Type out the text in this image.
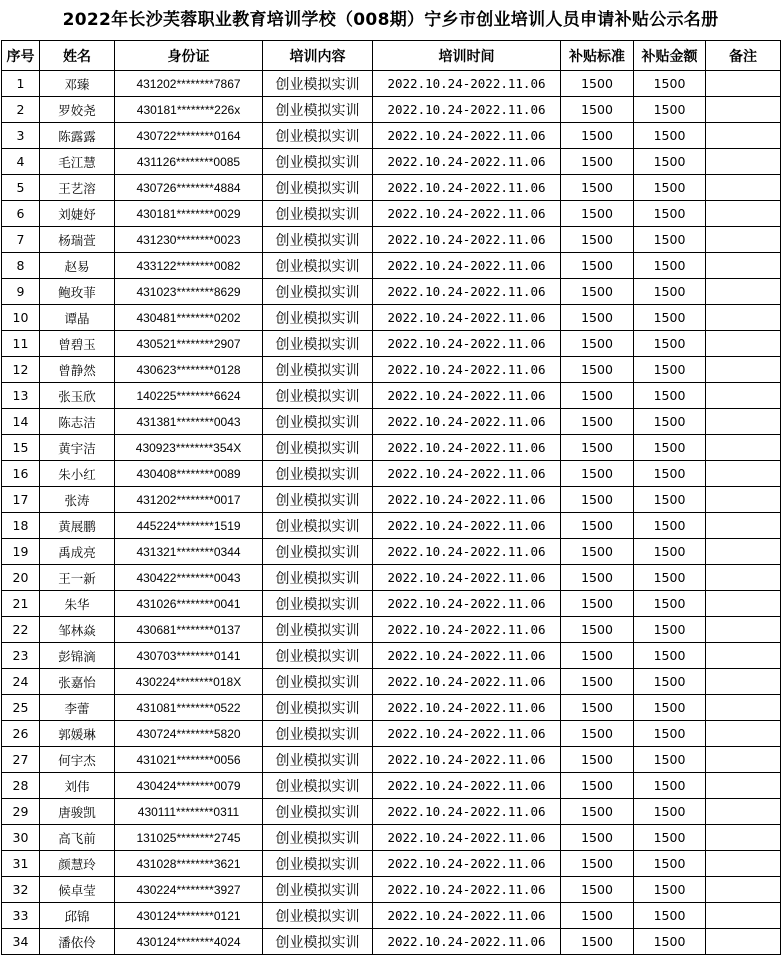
2022年长沙芙蓉职业教育培训学校（008期）宁乡市创业培训人员申请补贴公示名册
序号	姓名	身份证	培训内容	培训时间	补贴标准	补贴金额	备注
1	邓臻	431202********7867	创业模拟实训	2022.10.24-2022.11.06	1500	1500	
2	罗姣尧	430181********226x	创业模拟实训	2022.10.24-2022.11.06	1500	1500	
3	陈露露	430722********0164	创业模拟实训	2022.10.24-2022.11.06	1500	1500	
4	毛江慧	431126********0085	创业模拟实训	2022.10.24-2022.11.06	1500	1500	
5	王艺溶	430726********4884	创业模拟实训	2022.10.24-2022.11.06	1500	1500	
6	刘婕妤	430181********0029	创业模拟实训	2022.10.24-2022.11.06	1500	1500	
7	杨瑞萱	431230********0023	创业模拟实训	2022.10.24-2022.11.06	1500	1500	
8	赵易	433122********0082	创业模拟实训	2022.10.24-2022.11.06	1500	1500	
9	鲍玫菲	431023********8629	创业模拟实训	2022.10.24-2022.11.06	1500	1500	
10	谭晶	430481********0202	创业模拟实训	2022.10.24-2022.11.06	1500	1500	
11	曾碧玉	430521********2907	创业模拟实训	2022.10.24-2022.11.06	1500	1500	
12	曾静然	430623********0128	创业模拟实训	2022.10.24-2022.11.06	1500	1500	
13	张玉欣	140225********6624	创业模拟实训	2022.10.24-2022.11.06	1500	1500	
14	陈志洁	431381********0043	创业模拟实训	2022.10.24-2022.11.06	1500	1500	
15	黄宇洁	430923********354X	创业模拟实训	2022.10.24-2022.11.06	1500	1500	
16	朱小红	430408********0089	创业模拟实训	2022.10.24-2022.11.06	1500	1500	
17	张涛	431202********0017	创业模拟实训	2022.10.24-2022.11.06	1500	1500	
18	黄展鹏	445224********1519	创业模拟实训	2022.10.24-2022.11.06	1500	1500	
19	禹成亮	431321********0344	创业模拟实训	2022.10.24-2022.11.06	1500	1500	
20	王一新	430422********0043	创业模拟实训	2022.10.24-2022.11.06	1500	1500	
21	朱华	431026********0041	创业模拟实训	2022.10.24-2022.11.06	1500	1500	
22	邹林焱	430681********0137	创业模拟实训	2022.10.24-2022.11.06	1500	1500	
23	彭锦滴	430703********0141	创业模拟实训	2022.10.24-2022.11.06	1500	1500	
24	张嘉怡	430224********018X	创业模拟实训	2022.10.24-2022.11.06	1500	1500	
25	李蕾	431081********0522	创业模拟实训	2022.10.24-2022.11.06	1500	1500	
26	郭媛琳	430724********5820	创业模拟实训	2022.10.24-2022.11.06	1500	1500	
27	何宇杰	431021********0056	创业模拟实训	2022.10.24-2022.11.06	1500	1500	
28	刘伟	430424********0079	创业模拟实训	2022.10.24-2022.11.06	1500	1500	
29	唐骏凯	430111********0311	创业模拟实训	2022.10.24-2022.11.06	1500	1500	
30	高飞前	131025********2745	创业模拟实训	2022.10.24-2022.11.06	1500	1500	
31	颜慧玲	431028********3621	创业模拟实训	2022.10.24-2022.11.06	1500	1500	
32	候卓莹	430224********3927	创业模拟实训	2022.10.24-2022.11.06	1500	1500	
33	邱锦	430124********0121	创业模拟实训	2022.10.24-2022.11.06	1500	1500	
34	潘依伶	430124********4024	创业模拟实训	2022.10.24-2022.11.06	1500	1500	
